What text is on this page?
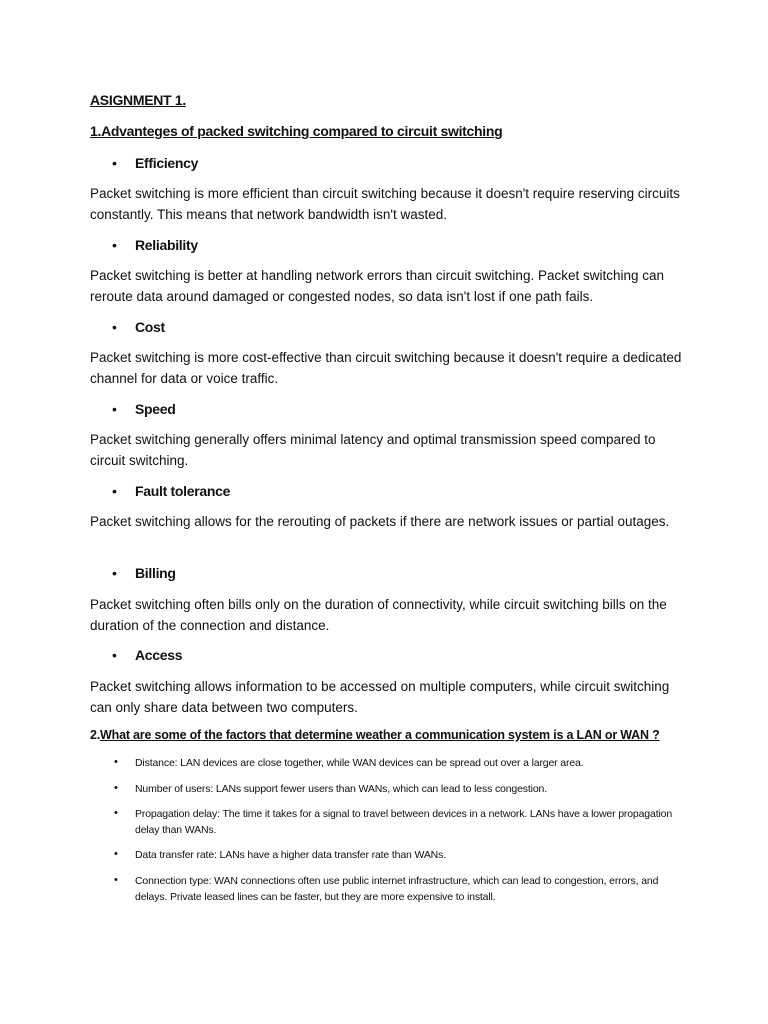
ASIGNMENT 1.

1.Advanteges of packed switching compared to circuit switching

• Efficiency

Packet switching is more efficient than circuit switching because it doesn't require reserving circuits constantly. This means that network bandwidth isn't wasted.

• Reliability

Packet switching is better at handling network errors than circuit switching. Packet switching can reroute data around damaged or congested nodes, so data isn't lost if one path fails.

• Cost

Packet switching is more cost-effective than circuit switching because it doesn't require a dedicated channel for data or voice traffic.

• Speed

Packet switching generally offers minimal latency and optimal transmission speed compared to circuit switching.

• Fault tolerance

Packet switching allows for the rerouting of packets if there are network issues or partial outages.

• Billing

Packet switching often bills only on the duration of connectivity, while circuit switching bills on the duration of the connection and distance.

• Access

Packet switching allows information to be accessed on multiple computers, while circuit switching can only share data between two computers.

2.What are some of the factors that determine weather a communication system is a LAN or WAN ?

• Distance: LAN devices are close together, while WAN devices can be spread out over a larger area.

• Number of users: LANs support fewer users than WANs, which can lead to less congestion.

• Propagation delay: The time it takes for a signal to travel between devices in a network. LANs have a lower propagation delay than WANs.

• Data transfer rate: LANs have a higher data transfer rate than WANs.

• Connection type: WAN connections often use public internet infrastructure, which can lead to congestion, errors, and delays. Private leased lines can be faster, but they are more expensive to install.
